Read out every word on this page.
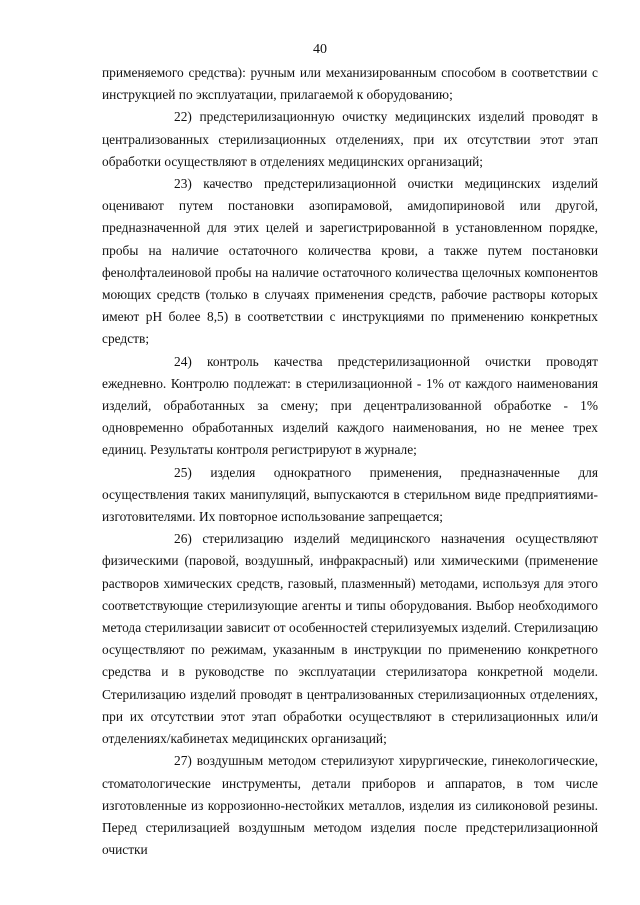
40

применяемого средства): ручным или механизированным способом в соответствии с инструкцией по эксплуатации, прилагаемой к оборудованию;

22) предстерилизационную очистку медицинских изделий проводят в централизованных стерилизационных отделениях, при их отсутствии этот этап обработки осуществляют в отделениях медицинских организаций;

23) качество предстерилизационной очистки медицинских изделий оценивают путем постановки азопирамовой, амидопириновой или другой, предназначенной для этих целей и зарегистрированной в установленном порядке, пробы на наличие остаточного количества крови, а также путем постановки фенолфталеиновой пробы на наличие остаточного количества щелочных компонентов моющих средств (только в случаях применения средств, рабочие растворы которых имеют pH более 8,5) в соответствии с инструкциями по применению конкретных средств;

24) контроль качества предстерилизационной очистки проводят ежедневно. Контролю подлежат: в стерилизационной - 1% от каждого наименования изделий, обработанных за смену; при децентрализованной обработке - 1% одновременно обработанных изделий каждого наименования, но не менее трех единиц. Результаты контроля регистрируют в журнале;

25) изделия однократного применения, предназначенные для осуществления таких манипуляций, выпускаются в стерильном виде предприятиями-изготовителями. Их повторное использование запрещается;

26) стерилизацию изделий медицинского назначения осуществляют физическими (паровой, воздушный, инфракрасный) или химическими (применение растворов химических средств, газовый, плазменный) методами, используя для этого соответствующие стерилизующие агенты и типы оборудования. Выбор необходимого метода стерилизации зависит от особенностей стерилизуемых изделий. Стерилизацию осуществляют по режимам, указанным в инструкции по применению конкретного средства и в руководстве по эксплуатации стерилизатора конкретной модели. Стерилизацию изделий проводят в централизованных стерилизационных отделениях, при их отсутствии этот этап обработки осуществляют в стерилизационных или/и отделениях/кабинетах медицинских организаций;

27) воздушным методом стерилизуют хирургические, гинекологические, стоматологические инструменты, детали приборов и аппаратов, в том числе изготовленные из коррозионно-нестойких металлов, изделия из силиконовой резины. Перед стерилизацией воздушным методом изделия после предстерилизационной очистки
